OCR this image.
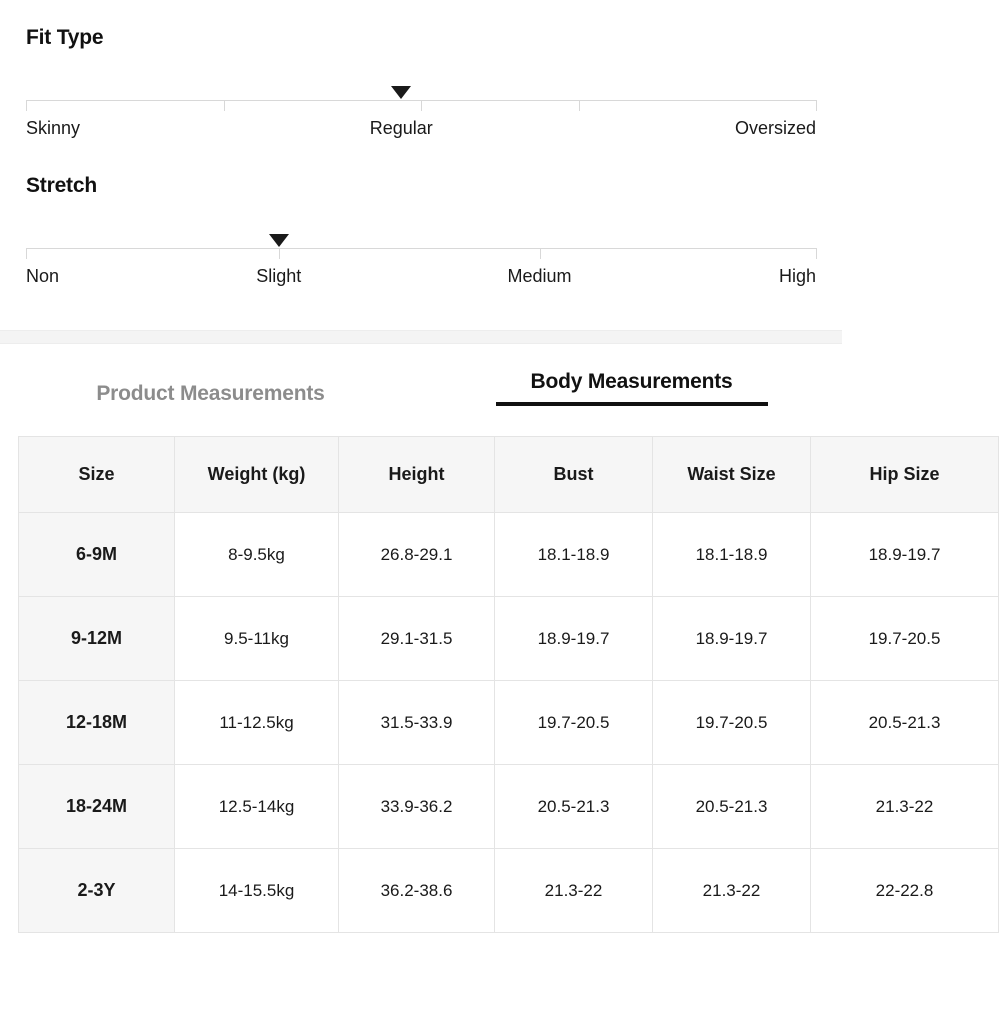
Fit Type
Skinny	Regular	Oversized
Stretch
Non	Slight	Medium	High
Product Measurements
Body Measurements
Size	Weight (kg)	Height	Bust	Waist Size	Hip Size
6-9M	8-9.5kg	26.8-29.1	18.1-18.9	18.1-18.9	18.9-19.7
9-12M	9.5-11kg	29.1-31.5	18.9-19.7	18.9-19.7	19.7-20.5
12-18M	11-12.5kg	31.5-33.9	19.7-20.5	19.7-20.5	20.5-21.3
18-24M	12.5-14kg	33.9-36.2	20.5-21.3	20.5-21.3	21.3-22
2-3Y	14-15.5kg	36.2-38.6	21.3-22	21.3-22	22-22.8
